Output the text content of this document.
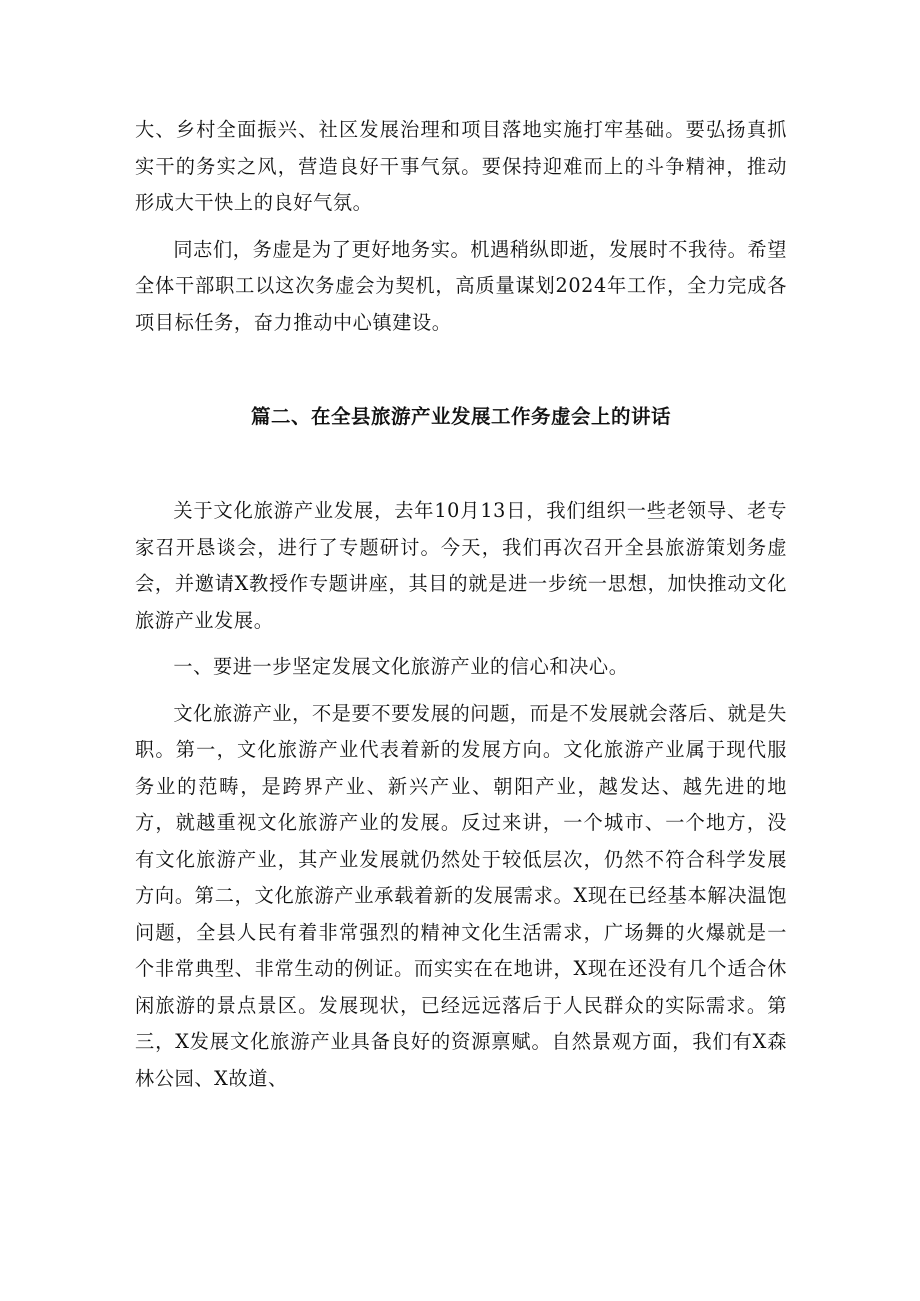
大、乡村全面振兴、社区发展治理和项目落地实施打牢基础。要弘扬真抓实干的务实之风，营造良好干事气氛。要保持迎难而上的斗争精神，推动形成大干快上的良好气氛。

同志们，务虚是为了更好地务实。机遇稍纵即逝，发展时不我待。希望全体干部职工以这次务虚会为契机，高质量谋划2024年工作，全力完成各项目标任务，奋力推动中心镇建设。

篇二、在全县旅游产业发展工作务虚会上的讲话

关于文化旅游产业发展，去年10月13日，我们组织一些老领导、老专家召开恳谈会，进行了专题研讨。今天，我们再次召开全县旅游策划务虚会，并邀请X教授作专题讲座，其目的就是进一步统一思想，加快推动文化旅游产业发展。

一、要进一步坚定发展文化旅游产业的信心和决心。

文化旅游产业，不是要不要发展的问题，而是不发展就会落后、就是失职。第一，文化旅游产业代表着新的发展方向。文化旅游产业属于现代服务业的范畴，是跨界产业、新兴产业、朝阳产业，越发达、越先进的地方，就越重视文化旅游产业的发展。反过来讲，一个城市、一个地方，没有文化旅游产业，其产业发展就仍然处于较低层次，仍然不符合科学发展方向。第二，文化旅游产业承载着新的发展需求。X现在已经基本解决温饱问题，全县人民有着非常强烈的精神文化生活需求，广场舞的火爆就是一个非常典型、非常生动的例证。而实实在在地讲，X现在还没有几个适合休闲旅游的景点景区。发展现状，已经远远落后于人民群众的实际需求。第三，X发展文化旅游产业具备良好的资源禀赋。自然景观方面，我们有X森林公园、X故道、
